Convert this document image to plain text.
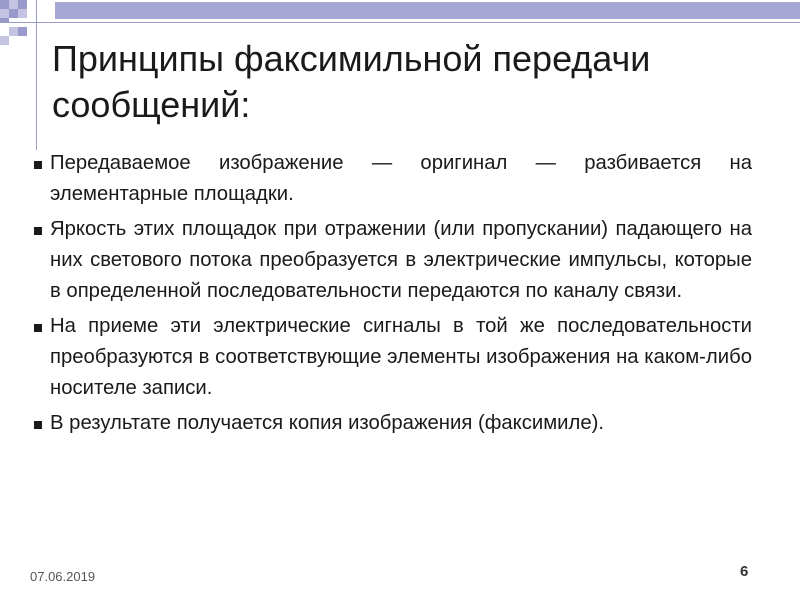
Принципы факсимильной передачи сообщений:
Передаваемое изображение — оригинал — разбивается на элементарные площадки.
Яркость этих площадок при отражении (или пропускании) падающего на них светового потока преобразуется в электрические импульсы, которые в определенной последовательности передаются по каналу связи.
На приеме эти электрические сигналы в той же последовательности преобразуются в соответствующие элементы изображения на каком-либо носителе записи.
В результате получается копия изображения (факсимиле).
07.06.2019	6
